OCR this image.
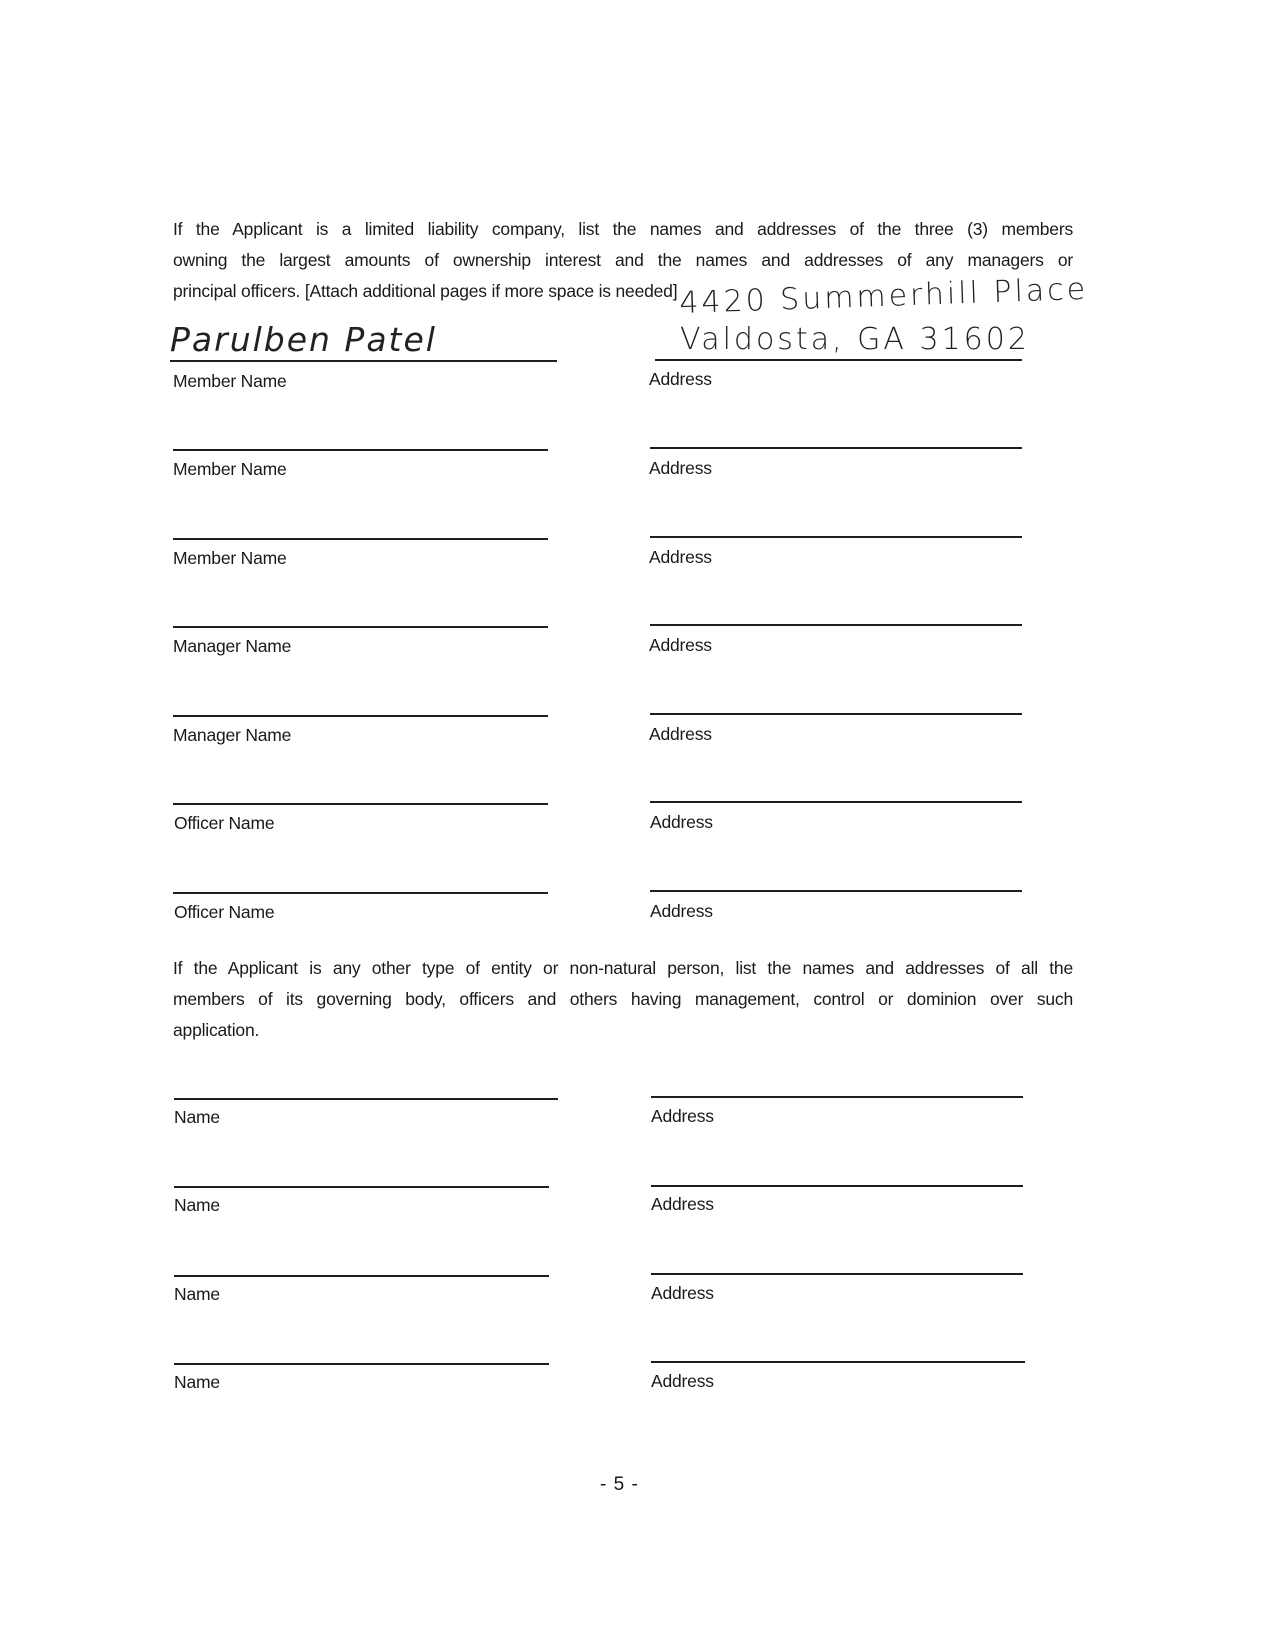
If the Applicant is a limited liability company, list the names and addresses of the three (3) members
owning the largest amounts of ownership interest and the names and addresses of any managers or
principal officers. [Attach additional pages if more space is needed]
Parulben Patel
4420 Summerhill Place
Valdosta, GA 31602
Member Name	Address
Member Name	Address
Member Name	Address
Manager Name	Address
Manager Name	Address
Officer Name	Address
Officer Name	Address
If the Applicant is any other type of entity or non-natural person, list the names and addresses of all the
members of its governing body, officers and others having management, control or dominion over such
application.
Name	Address
Name	Address
Name	Address
Name	Address
- 5 -
